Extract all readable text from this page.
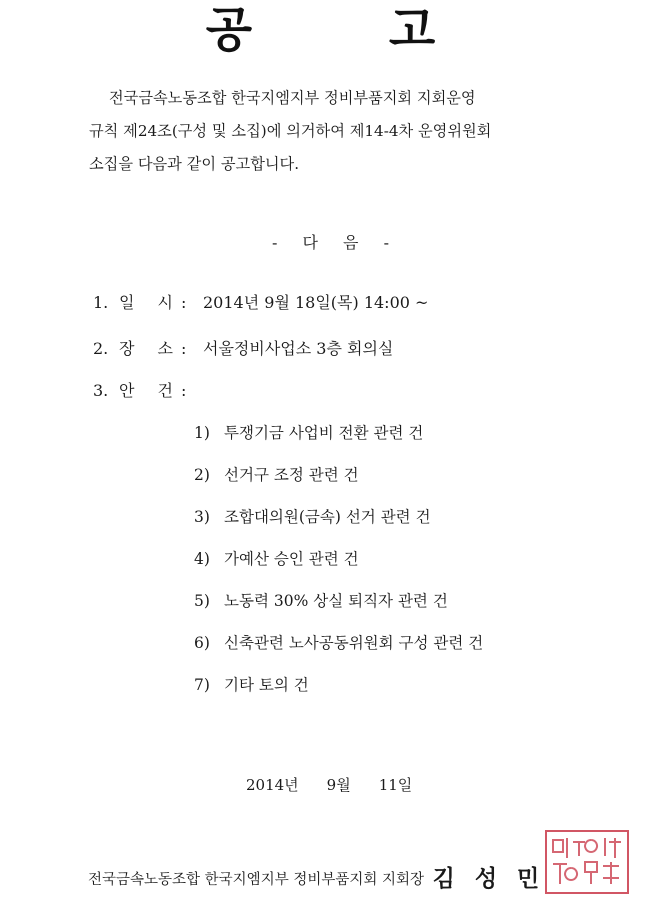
공 고

전국금속노동조합 한국지엠지부 정비부품지회 지회운영

규칙 제24조(구성 및 소집)에 의거하여 제14-4차 운영위원회

소집을 다음과 같이 공고합니다.

- 다 음 -
1. 일 시: 2014년 9월 18일(목) 14:00 ~
2. 장 소: 서울정비사업소 3층 회의실
3. 안 건:
1) 투쟁기금 사업비 전환 관련 건
2) 선거구 조정 관련 건
3) 조합대의원(금속) 선거 관련 건
4) 가예산 승인 관련 건
5) 노동력 30% 상실 퇴직자 관련 건
6) 신축관련 노사공동위원회 구성 관련 건
7) 기타 토의 건
2014년 9월 11일
전국금속노동조합 한국지엠지부 정비부품지회 지회장 김 성 민
